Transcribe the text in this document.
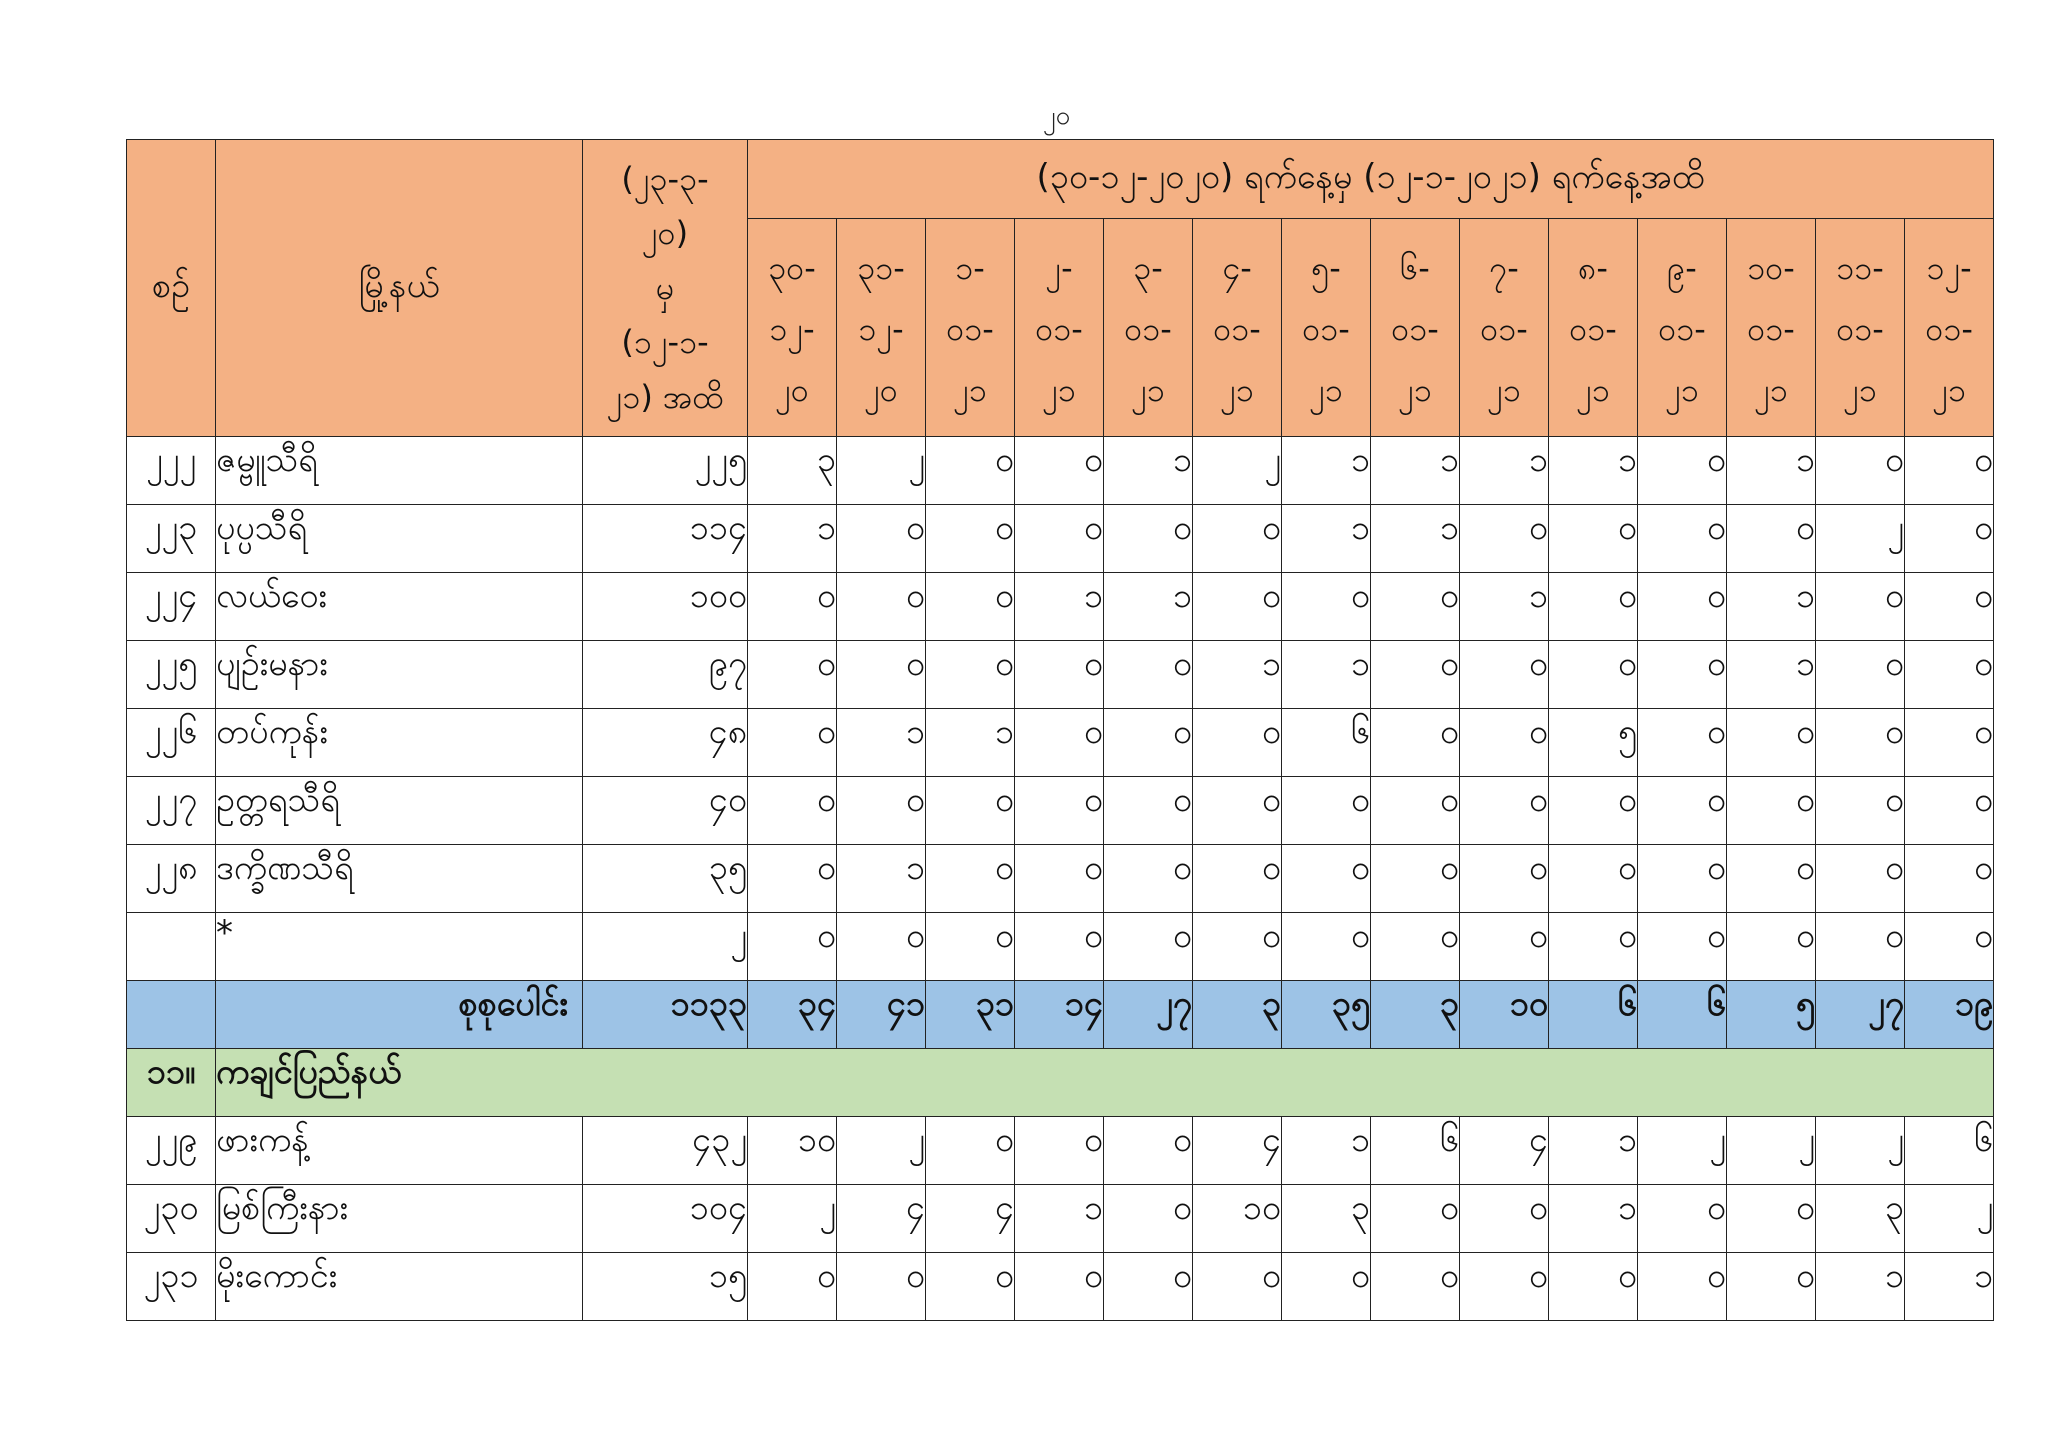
၂၀
စဉ်	မြို့နယ်	(၂၃-၃-
၂၀)
မှ
(၁၂-၁-
၂၁) အထိ	(၃၀-၁၂-၂၀၂၀) ရက်နေ့မှ (၁၂-၁-၂၀၂၁) ရက်နေ့အထိ													

			၃၀-
၁၂-
၂၀	၃၁-
၁၂-
၂၀	၁-
၀၁-
၂၁	၂-
၀၁-
၂၁	၃-
၀၁-
၂၁	၄-
၀၁-
၂၁	၅-
၀၁-
၂၁	၆-
၀၁-
၂၁	၇-
၀၁-
၂၁	၈-
၀၁-
၂၁	၉-
၀၁-
၂၁	၁၀-
၀၁-
၂၁	၁၁-
၀၁-
၂၁	၁၂-
၀၁-
၂၁

၂၂၂	ဇမ္ဗူသီရိ	၂၂၅	၃	၂	၀	၀	၁	၂	၁	၁	၁	၁	၀	၁	၀	၀
၂၂၃	ပုပ္ပသီရိ	၁၁၄	၁	၀	၀	၀	၀	၀	၁	၁	၀	၀	၀	၀	၂	၀
၂၂၄	လယ်ဝေး	၁၀၀	၀	၀	၀	၁	၁	၀	၀	၀	၁	၀	၀	၁	၀	၀
၂၂၅	ပျဉ်းမနား	၉၇	၀	၀	၀	၀	၀	၁	၁	၀	၀	၀	၀	၁	၀	၀
၂၂၆	တပ်ကုန်း	၄၈	၀	၁	၁	၀	၀	၀	၆	၀	၀	၅	၀	၀	၀	၀
၂၂၇	ဥတ္တရသီရိ	၄၀	၀	၀	၀	၀	၀	၀	၀	၀	၀	၀	၀	၀	၀	၀
၂၂၈	ဒက္ခိဏသီရိ	၃၅	၀	၁	၀	၀	၀	၀	၀	၀	၀	၀	၀	၀	၀	၀
	*	၂	၀	၀	၀	၀	၀	၀	၀	၀	၀	၀	၀	၀	၀	၀
	စုစုပေါင်း	၁၁၃၃	၃၄	၄၁	၃၁	၁၄	၂၇	၃	၃၅	၃	၁၀	၆	၆	၅	၂၇	၁၉
၁၁။	ကချင်ပြည်နယ်															
၂၂၉	ဖားကန့်	၄၃၂	၁၀	၂	၀	၀	၀	၄	၁	၆	၄	၁	၂	၂	၂	၆
၂၃၀	မြစ်ကြီးနား	၁၀၄	၂	၄	၄	၁	၀	၁၀	၃	၀	၀	၁	၀	၀	၃	၂
၂၃၁	မိုးကောင်း	၁၅	၀	၀	၀	၀	၀	၀	၀	၀	၀	၀	၀	၀	၁	၁
